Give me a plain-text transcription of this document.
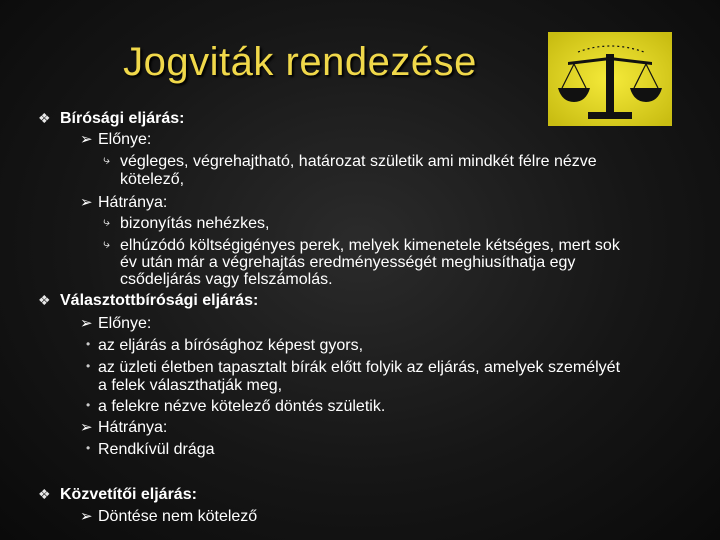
Jogviták rendezése
❖ Bírósági eljárás:
➢ Előnye:
⤷ végleges, végrehajtható, határozat születik ami mindkét félre nézve
kötelező,
➢ Hátránya:
⤷ bizonyítás nehézkes,
⤷ elhúzódó költségigényes perek, melyek kimenetele kétséges, mert sok
év után már a végrehajtás eredményességét meghiusíthatja egy
csődeljárás vagy felszámolás.
❖ Választottbírósági eljárás:
➢ Előnye:
• az eljárás a bírósághoz képest gyors,
• az üzleti életben tapasztalt bírák előtt folyik az eljárás, amelyek személyét
a felek választhatják meg,
• a felekre nézve kötelező döntés születik.
➢ Hátránya:
• Rendkívül drága
❖ Közvetítői eljárás:
➢ Döntése nem kötelező
